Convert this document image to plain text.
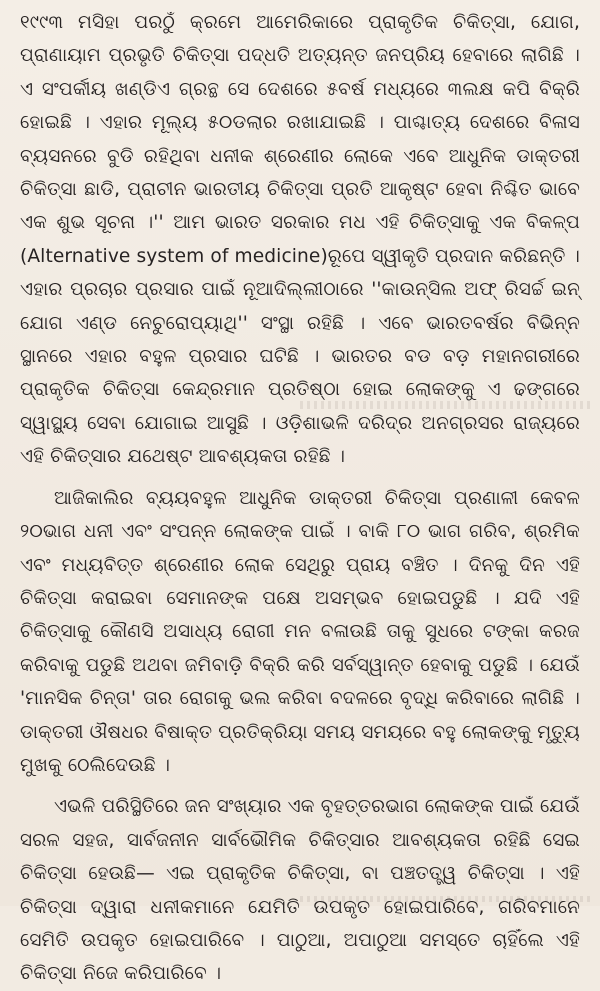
୧୯୯୩ ମସିହା ପରଠୁଁ କ୍ରମେ ଆମେରିକାରେ ପ୍ରାକୃତିକ ଚିକିତ୍ସା, ଯୋଗ, ପ୍ରାଣାୟାମ ପ୍ରଭୃତି ଚିକିତ୍ସା ପଦ୍ଧତି ଅତ୍ୟନ୍ତ ଜନପ୍ରିୟ ହେବାରେ ଲାଗିଛି । ଏ ସଂପର୍କୀୟ ଖଣ୍ଡିଏ ଗ୍ରନ୍ଥ ସେ ଦେଶରେ ୫ବର୍ଷ ମଧ୍ୟରେ ୩ଲକ୍ଷ କପି ବିକ୍ରି ହୋଇଛି । ଏହାର ମୂଲ୍ୟ ୫୦ଡଲାର ରଖାଯାଇଛି । ପାଶ୍ଚାତ୍ୟ ଦେଶରେ ବିଳାସ ବ୍ୟସନରେ ବୁଡି ରହିଥିବା ଧନୀକ ଶ୍ରେଣୀର ଲୋକେ ଏବେ ଆଧୁନିକ ଡାକ୍ତରୀ ଚିକିତ୍ସା ଛାଡି, ପ୍ରାଚୀନ ଭାରତୀୟ ଚିକିତ୍ସା ପ୍ରତି ଆକୃଷ୍ଟ ହେବା ନିଶ୍ଚିତ ଭାବେ ଏକ ଶୁଭ ସୂଚନା ।'' ଆମ ଭାରତ ସରକାର ମଧ ଏହି ଚିକିତ୍ସାକୁ ଏକ ବିକଳ୍ପ (Alternative system of medicine)ରୂପେ ସ୍ୱୀକୃତି ପ୍ରଦାନ କରିଛନ୍ତି । ଏହାର ପ୍ରଚାର ପ୍ରସାର ପାଇଁ ନୂଆଦିଲ୍ଲୀଠାରେ ''କାଉନ୍‌ସିଲ ଅଫ୍ ରିସର୍ଚ୍ଚ ଇନ୍ ଯୋଗ ଏଣ୍ଡ ନେଚୁରୋପ୍ୟାଥି'' ସଂସ୍ଥା ରହିଛି । ଏବେ ଭାରତବର୍ଷର ବିଭିନ୍ନ ସ୍ଥାନରେ ଏହାର ବହୁଳ ପ୍ରସାର ଘଟିଛି । ଭାରତର ବଡ ବଡ଼ ମହାନଗରୀରେ ପ୍ରାକୃତିକ ଚିକିତ୍ସା କେନ୍ଦ୍ରମାନ ପ୍ରତିଷ୍ଠା ହୋଇ ଲୋକଙ୍କୁ ଏ ଢଙ୍ଗରେ ସ୍ୱାସ୍ଥ୍ୟ ସେବା ଯୋଗାଇ ଆସୁଛି । ଓଡ଼ିଶାଭଳି ଦରିଦ୍ର ଅନଗ୍ରସର ରାଜ୍ୟରେ ଏହି ଚିକିତ୍ସାର ଯଥେଷ୍ଟ ଆବଶ୍ୟକତା ରହିଛି ।

ଆଜିକାଲିର ବ୍ୟୟବହୁଳ ଆଧୁନିକ ଡାକ୍ତରୀ ଚିକିତ୍ସା ପ୍ରଣାଳୀ କେବଳ ୨୦ଭାଗ ଧନୀ ଏବଂ ସଂପନ୍ନ ଲୋକଙ୍କ ପାଇଁ । ବାକି ୮୦ ଭାଗ ଗରିବ, ଶ୍ରମିକ ଏବଂ ମଧ୍ୟବିତ୍ତ ଶ୍ରେଣୀର ଲୋକ ସେଥିରୁ ପ୍ରାୟ ବଞ୍ଚିତ । ଦିନକୁ ଦିନ ଏହି ଚିକିତ୍ସା କରାଇବା ସେମାନଙ୍କ ପକ୍ଷେ ଅସମ୍ଭବ ହୋଇପଡୁଛି । ଯଦି ଏହି ଚିକିତ୍ସାକୁ କୌଣସି ଅସାଧ୍ୟ ରୋଗୀ ମନ ବଳାଉଛି ତାକୁ ସୁଧରେ ଟଙ୍କା କରଜ କରିବାକୁ ପଡୁଛି ଅଥବା ଜମିବାଡ଼ି ବିକ୍ରି କରି ସର୍ବସ୍ୱାନ୍ତ ହେବାକୁ ପଡୁଛି । ଯେଉଁ 'ମାନସିକ ଚିନ୍ତା' ତାର ରୋଗକୁ ଭଲ କରିବା ବଦଳରେ ବୃଦ୍ଧି କରିବାରେ ଲାଗିଛି । ଡାକ୍ତରୀ ଔଷଧର ବିଷାକ୍ତ ପ୍ରତିକ୍ରିୟା ସମୟ ସମୟରେ ବହୁ ଲୋକଙ୍କୁ ମୃତ୍ୟୁ ମୁଖକୁ ଠେଲିଦେଉଛି ।

ଏଭଳି ପରିସ୍ଥିତିରେ ଜନ ସଂଖ୍ୟାର ଏକ ବୃହତ୍ତରଭାଗ ଲୋକଙ୍କ ପାଇଁ ଯେଉଁ ସରଳ ସହଜ, ସାର୍ବଜନୀନ ସାର୍ବଭୌମିକ ଚିକିତ୍ସାର ଆବଶ୍ୟକତା ରହିଛି ସେଇ ଚିକିତ୍ସା ହେଉଛି— ଏଇ ପ୍ରାକୃତିକ ଚିକିତ୍ସା, ବା ପଞ୍ଚତତ୍ତ୍ୱ ଚିକିତ୍ସା । ଏହି ଚିକିତ୍ସା ଦ୍ୱାରା ଧନୀକମାନେ ଯେମିତି ଉପକୃତ ହୋଇପାରିବେ, ଗରିବମାନେ ସେମିତି ଉପକୃତ ହୋଇପାରିବେ । ପାଠୁଆ, ଅପାଠୁଆ ସମସ୍ତେ ଚାହିଁଲେ ଏହି ଚିକିତ୍ସା ନିଜେ କରିପାରିବେ ।
